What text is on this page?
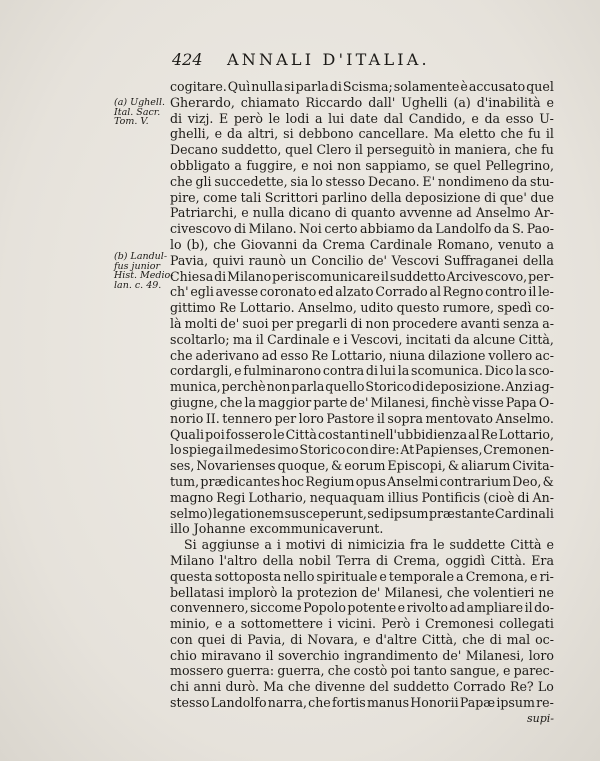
424 ANNALI D'ITALIA.
(a) Ughell.
Ital. Sacr.
Tom. V.
(b) Landul-
fus junior
Hist. Medio-
lan. c. 49.
cogitare. Quì nulla si parla di Scisma; solamente è accusato quel
Gherardo, chiamato Riccardo dall' Ughelli (a) d'inabilità e
di vizj. E però le lodi a lui date dal Candido, e da esso U-
ghelli, e da altri, si debbono cancellare. Ma eletto che fu il
Decano suddetto, quel Clero il perseguitò in maniera, che fu
obbligato a fuggire, e noi non sappiamo, se quel Pellegrino,
che gli succedette, sia lo stesso Decano. E' nondimeno da stu-
pire, come tali Scrittori parlino della deposizione di que' due
Patriarchi, e nulla dicano di quanto avvenne ad Anselmo Ar-
civescovo di Milano. Noi certo abbiamo da Landolfo da S. Pao-
lo (b), che Giovanni da Crema Cardinale Romano, venuto a
Pavia, quivi raunò un Concilio de' Vescovi Suffraganei della
Chiesa di Milano per iscomunicare il suddetto Arcivescovo, per-
ch' egli avesse coronato ed alzato Corrado al Regno contro il le-
gittimo Re Lottario. Anselmo, udito questo rumore, spedì co-
là molti de' suoi per pregarli di non procedere avanti senza a-
scoltarlo; ma il Cardinale e i Vescovi, incitati da alcune Città,
che aderivano ad esso Re Lottario, niuna dilazione vollero ac-
cordargli, e fulminarono contra di lui la scomunica. Dico la sco-
munica, perchè non parla quello Storico di deposizione. Anzi ag-
giugne, che la maggior parte de' Milanesi, finchè visse Papa O-
norio II. tennero per loro Pastore il sopra mentovato Anselmo.
Quali poi fossero le Città costanti nell'ubbidienza al Re Lottario,
lo spiega il medesimo Storico con dire: At Papienses, Cremonen-
ses, Novarienses quoque, & eorum Episcopi, & aliarum Civita-
tum, prædicantes hoc Regium opus Anselmi contrarium Deo, &
magno Regi Lothario, nequaquam illius Pontificis (cioè di An-
selmo) legationem susceperunt, sed ipsum præstante Cardinali
illo Johanne excommunicaverunt.
Si aggiunse a i motivi di nimicizia fra le suddette Città e
Milano l'altro della nobil Terra di Crema, oggidì Città. Era
questa sottoposta nello spirituale e temporale a Cremona, e ri-
bellatasi implorò la protezion de' Milanesi, che volentieri ne
convennero, siccome Popolo potente e rivolto ad ampliare il do-
minio, e a sottomettere i vicini. Però i Cremonesi collegati
con quei di Pavia, di Novara, e d'altre Città, che di mal oc-
chio miravano il soverchio ingrandimento de' Milanesi, loro
mossero guerra: guerra, che costò poi tanto sangue, e parec-
chi anni durò. Ma che divenne del suddetto Corrado Re? Lo
stesso Landolfo narra, che fortis manus Honorii Papæ ipsum re-
supi-
